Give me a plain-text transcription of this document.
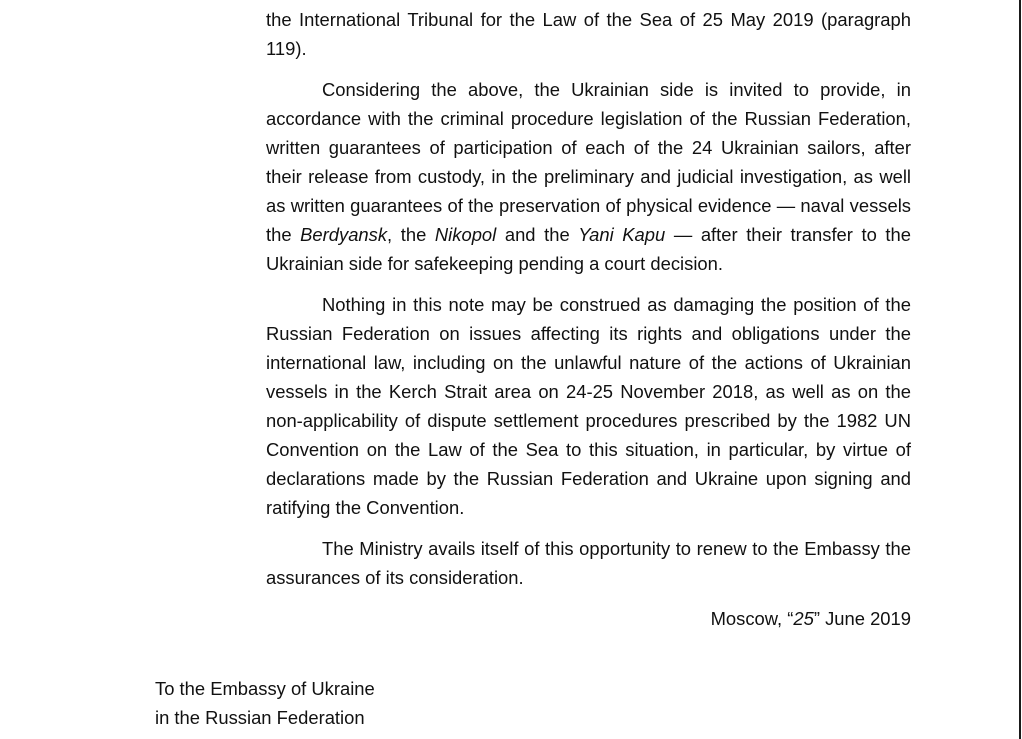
the International Tribunal for the Law of the Sea of 25 May 2019 (paragraph 119).

Considering the above, the Ukrainian side is invited to provide, in accordance with the criminal procedure legislation of the Russian Federation, written guarantees of participation of each of the 24 Ukrainian sailors, after their release from custody, in the preliminary and judicial investigation, as well as written guarantees of the preservation of physical evidence — naval vessels the Berdyansk, the Nikopol and the Yani Kapu — after their transfer to the Ukrainian side for safekeeping pending a court decision.

Nothing in this note may be construed as damaging the position of the Russian Federation on issues affecting its rights and obligations under the international law, including on the unlawful nature of the actions of Ukrainian vessels in the Kerch Strait area on 24-25 November 2018, as well as on the non-applicability of dispute settlement procedures prescribed by the 1982 UN Convention on the Law of the Sea to this situation, in particular, by virtue of declarations made by the Russian Federation and Ukraine upon signing and ratifying the Convention.

The Ministry avails itself of this opportunity to renew to the Embassy the assurances of its consideration.

Moscow, “25” June 2019

To the Embassy of Ukraine
in the Russian Federation
